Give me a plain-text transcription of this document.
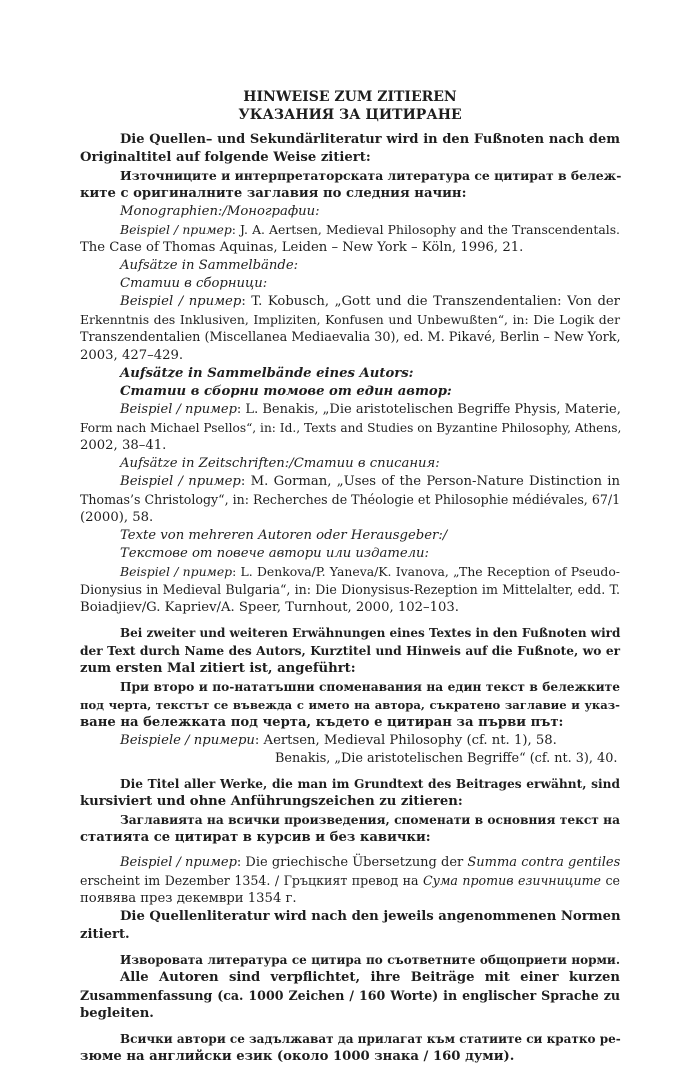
HINWEISE ZUM ZITIEREN
УКАЗАНИЯ ЗА ЦИТИРАНЕ
Die Quellen– und Sekundärliteratur wird in den Fußnoten nach dem
Originaltitel auf folgende Weise zitiert:
Източниците и интерпретаторската литература се цитират в бележ-
ките с оригиналните заглавия по следния начин:
Monographien:/Монографии:
Beispiel / пример: J. A. Aertsen, Medieval Philosophy and the Transcendentals.
The Case of Thomas Aquinas, Leiden – New York – Köln, 1996, 21.
Aufsätze in Sammelbände:
Статии в сборници:
Beispiel / пример: T. Kobusch, „Gott und die Transzendentalien: Von der
Erkenntnis des Inklusiven, Impliziten, Konfusen und Unbewußten“, in: Die Logik der
Transzendentalien (Miscellanea Mediaevalia 30), ed. M. Pikavé, Berlin – New York,
2003, 427–429.
Aufsätze in Sammelbände eines Autors:
Статии в сборни томове от един автор:
Beispiel / пример: L. Benakis, „Die aristotelischen Begriffe Physis, Materie,
Form nach Michael Psellos“, in: Id., Texts and Studies on Byzantine Philosophy, Athens,
2002, 38–41.
Aufsätze in Zeitschriften:/Статии в списания:
Beispiel / пример: M. Gorman, „Uses of the Person-Nature Distinction in
Thomas’s Christology“, in: Recherches de Théologie et Philosophie médiévales, 67/1
(2000), 58.
Texte von mehreren Autoren oder Herausgeber:/
Текстове от повече автори или издатели:
Beispiel / пример: L. Denkova/P. Yaneva/K. Ivanova, „The Reception of Pseudo-
Dionysius in Medieval Bulgaria“, in: Die Dionysisus-Rezeption im Mittelalter, edd. T.
Boiadjiev/G. Kapriev/A. Speer, Turnhout, 2000, 102–103.
Bei zweiter und weiteren Erwähnungen eines Textes in den Fußnoten wird
der Text durch Name des Autors, Kurztitel und Hinweis auf die Fußnote, wo er
zum ersten Mal zitiert ist, angeführt:
При второ и по-нататъшни споменавания на един текст в бележките
под черта, текстът се въвежда с името на автора, съкратено заглавие и указ-
ване на бележката под черта, където е цитиран за първи път:
Beispiele / примери: Aertsen, Medieval Philosophy (cf. nt. 1), 58.
Benakis, „Die aristotelischen Begriffe“ (cf. nt. 3), 40.
Die Titel aller Werke, die man im Grundtext des Beitrages erwähnt, sind
kursiviert und ohne Anführungszeichen zu zitieren:
Заглавията на всички произведения, споменати в основния текст на
статията се цитират в курсив и без кавички:
Beispiel / пример: Die griechische Übersetzung der Summa contra gentiles
erscheint im Dezember 1354. / Гръцкият превод на Сума против езичниците се
появява през декември 1354 г.
Die Quellenliteratur wird nach den jeweils angenommenen Normen
zitiert.
Изворовата литература се цитира по съответните общоприети норми.
Alle Autoren sind verpflichtet, ihre Beiträge mit einer kurzen
Zusammenfassung (ca. 1000 Zeichen / 160 Worte) in englischer Sprache zu
begleiten.
Всички автори се задължават да прилагат към статиите си кратко ре-
зюме на английски език (около 1000 знака / 160 думи).
